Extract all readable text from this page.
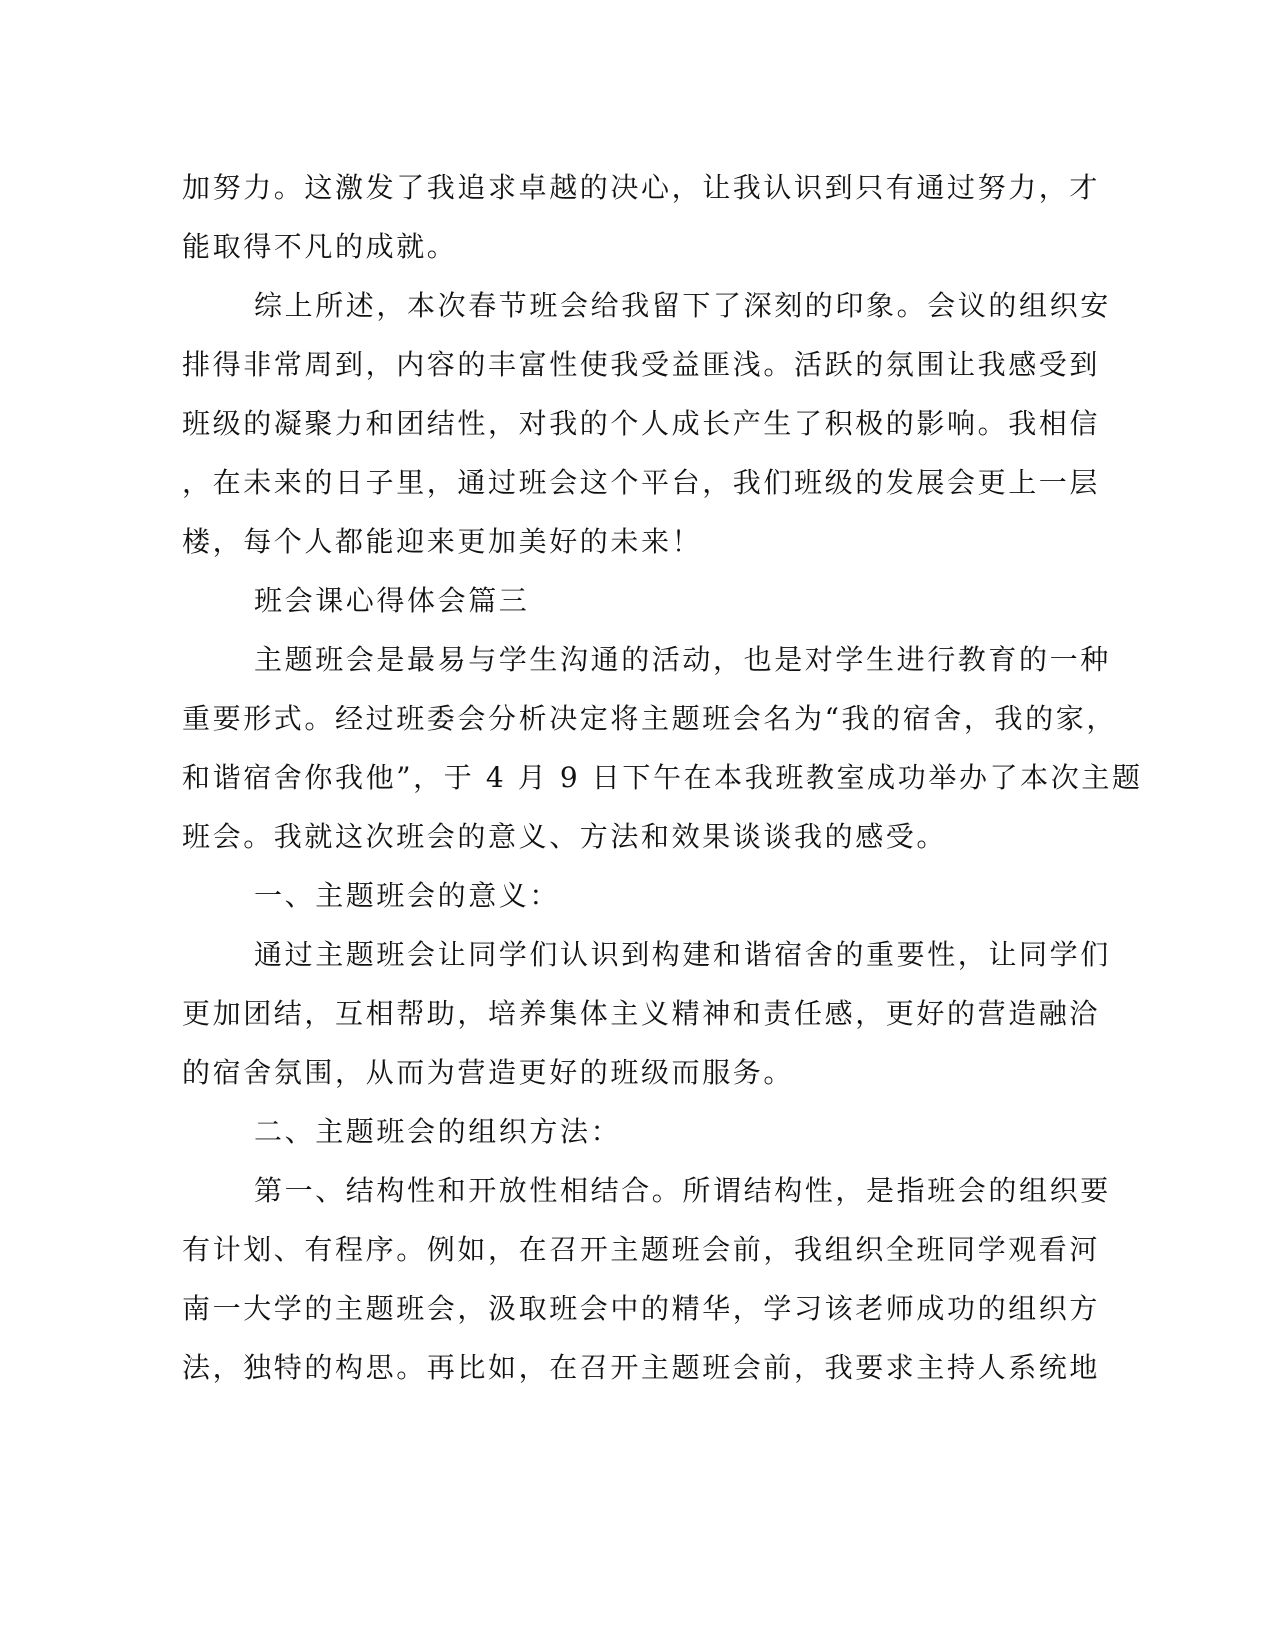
加努力。这激发了我追求卓越的决心，让我认识到只有通过努力，才
能取得不凡的成就。
综上所述，本次春节班会给我留下了深刻的印象。会议的组织安
排得非常周到，内容的丰富性使我受益匪浅。活跃的氛围让我感受到
班级的凝聚力和团结性，对我的个人成长产生了积极的影响。我相信
，在未来的日子里，通过班会这个平台，我们班级的发展会更上一层
楼，每个人都能迎来更加美好的未来！
班会课心得体会篇三
主题班会是最易与学生沟通的活动，也是对学生进行教育的一种
重要形式。经过班委会分析决定将主题班会名为“我的宿舍，我的家，
和谐宿舍你我他”，于 4 月 9 日下午在本我班教室成功举办了本次主题
班会。我就这次班会的意义、方法和效果谈谈我的感受。
一、主题班会的意义：
通过主题班会让同学们认识到构建和谐宿舍的重要性，让同学们
更加团结，互相帮助，培养集体主义精神和责任感，更好的营造融洽
的宿舍氛围，从而为营造更好的班级而服务。
二、主题班会的组织方法：
第一、结构性和开放性相结合。所谓结构性，是指班会的组织要
有计划、有程序。例如，在召开主题班会前，我组织全班同学观看河
南一大学的主题班会，汲取班会中的精华，学习该老师成功的组织方
法，独特的构思。再比如，在召开主题班会前，我要求主持人系统地
